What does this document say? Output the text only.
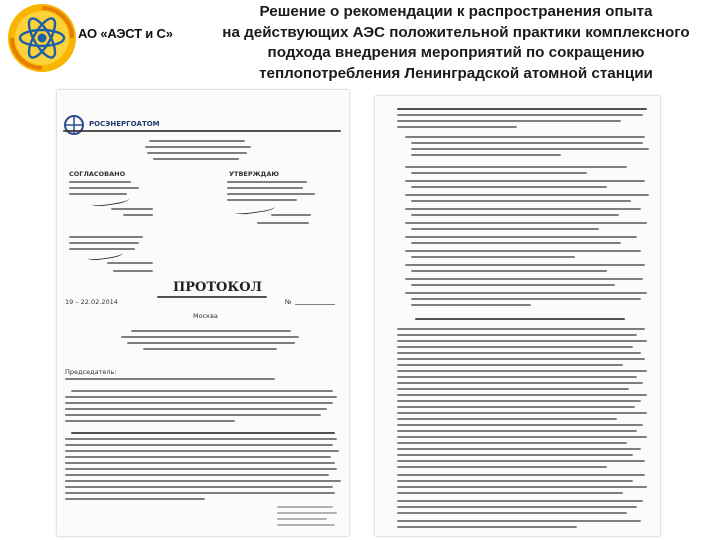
АО «АЭСТ и С»
Решение о рекомендации к распространения опыта
на действующих АЭС положительной практики комплексного
подхода внедрения мероприятий по сокращению
теплопотребления Ленинградской атомной станции
РОСЭНЕРГОАТОМ
СОГЛАСОВАНО	УТВЕРЖДАЮ
ПРОТОКОЛ
19 – 22.02.2014	№
Москва
Председатель:
